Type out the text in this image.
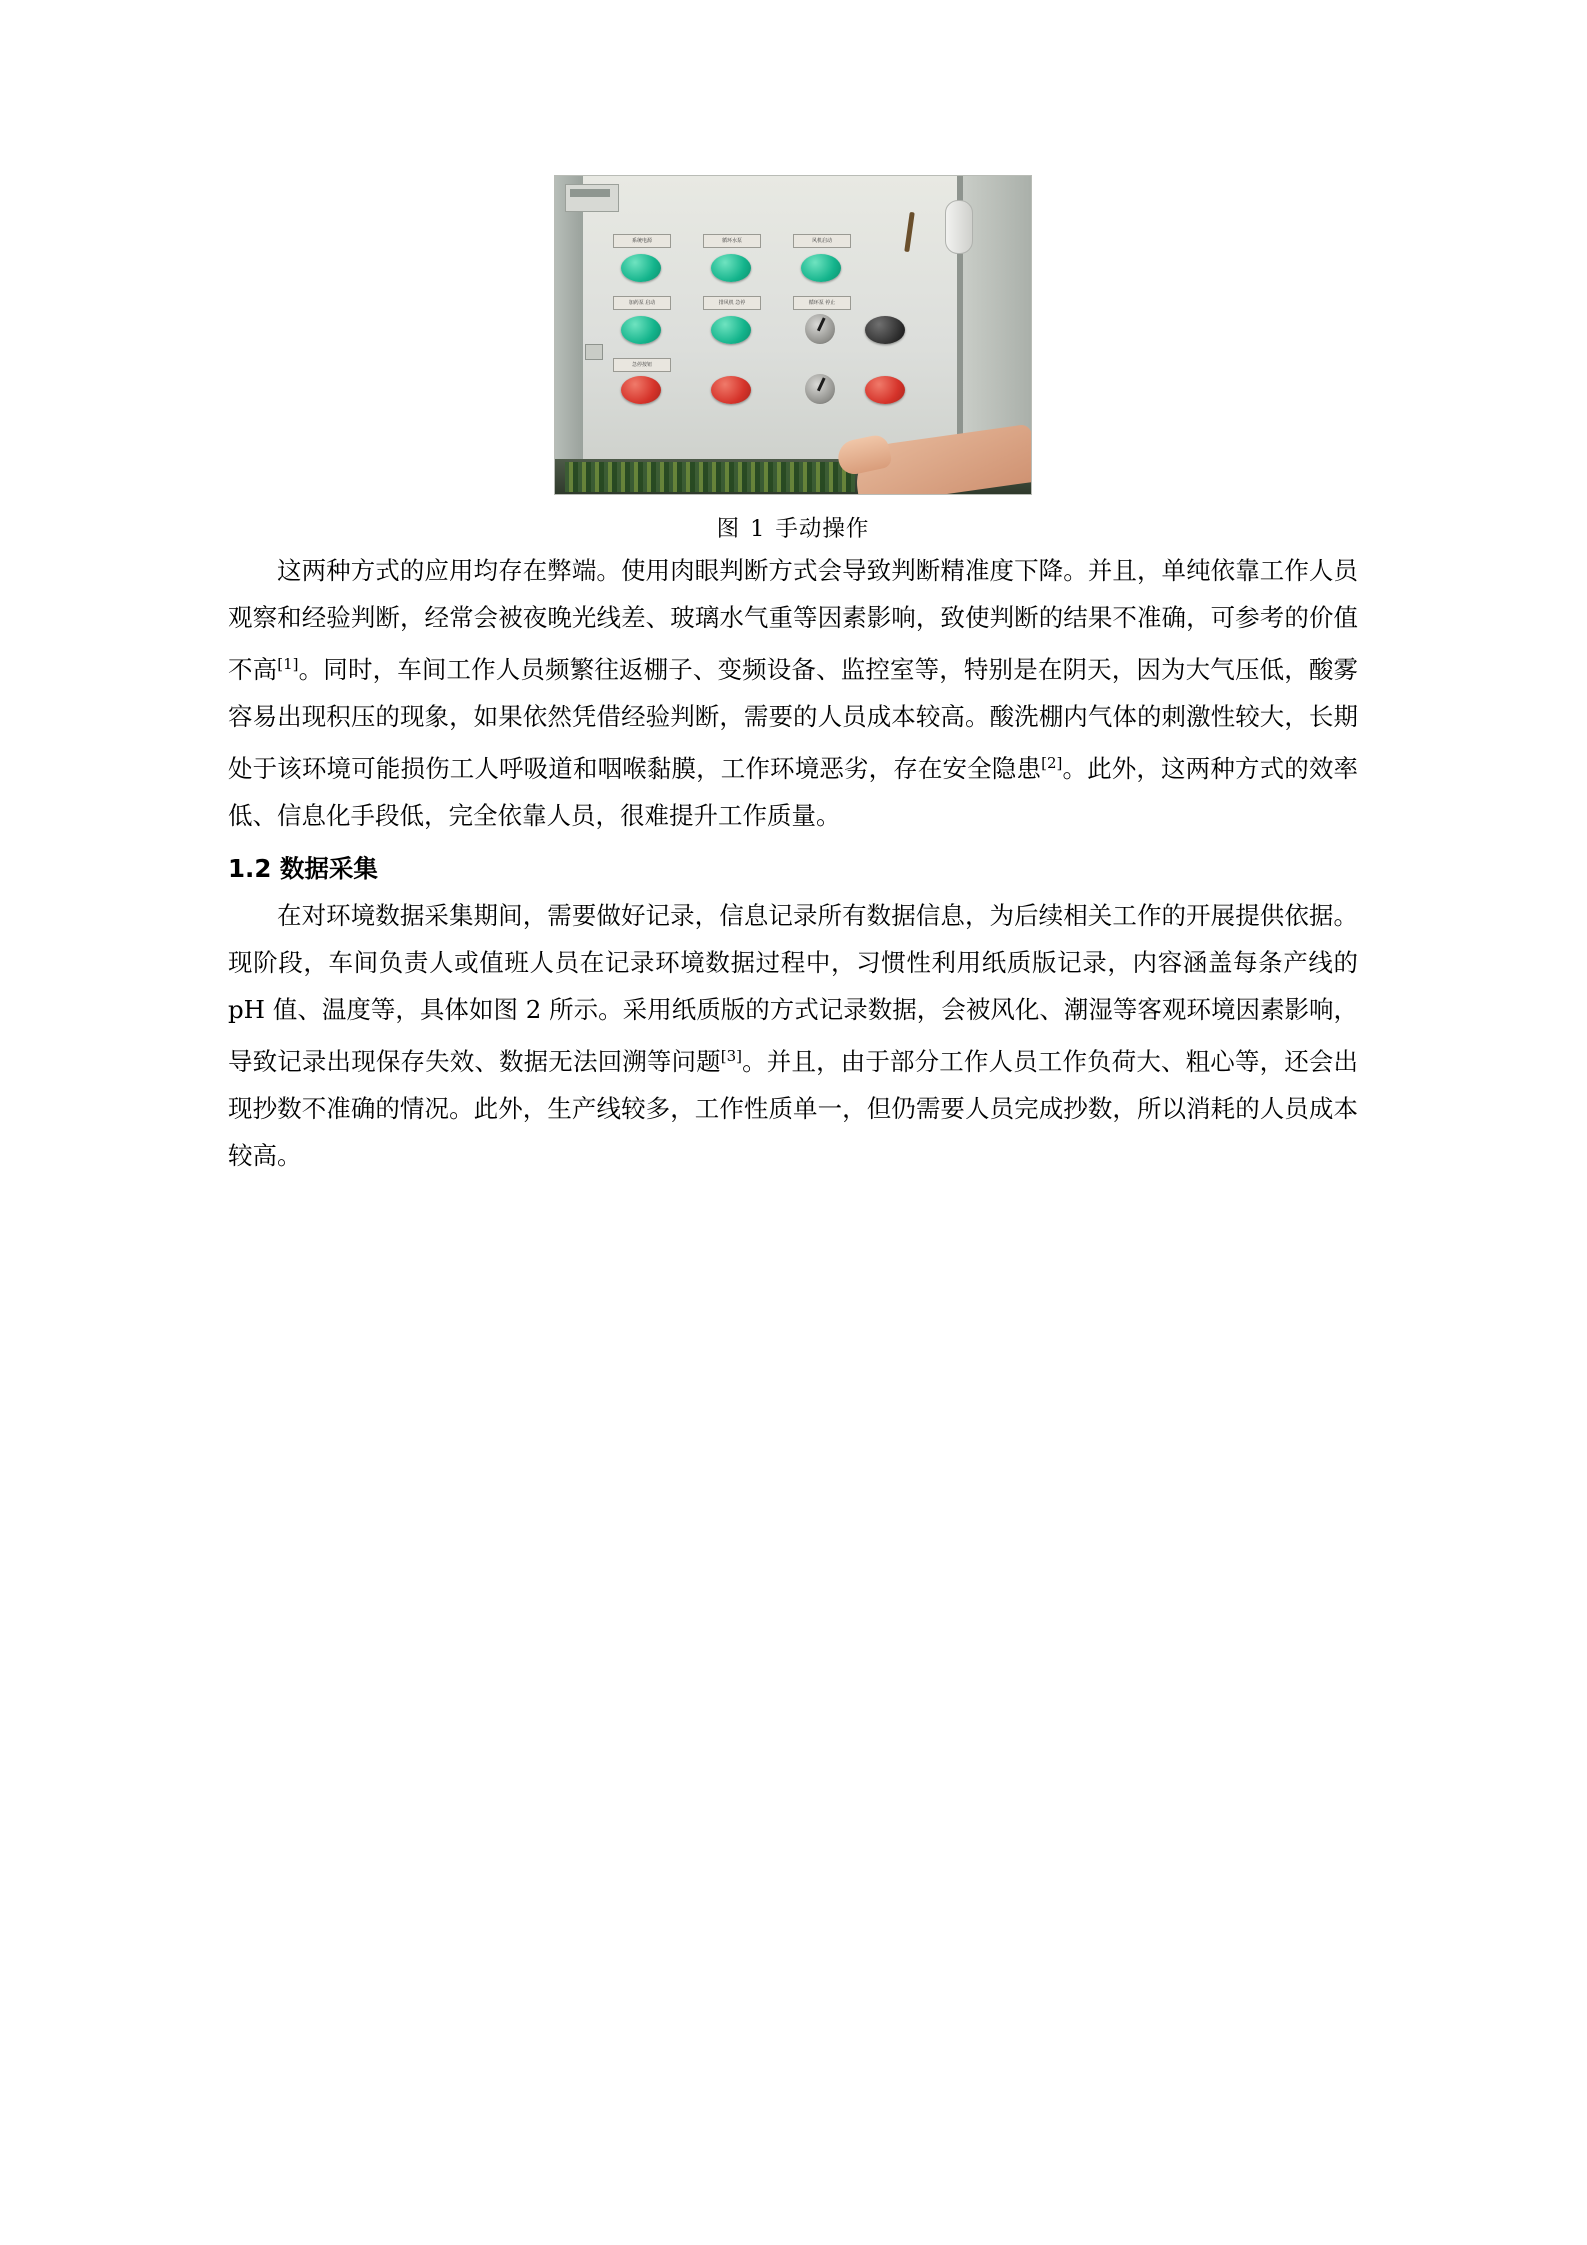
系统电源	循环水泵	风机启动
加药泵 启动	排风机 急停	循环泵 停止
急停按钮
图 1 手动操作

这两种方式的应用均存在弊端。使用肉眼判断方式会导致判断精准度下降。并且，单纯依靠工作人员观察和经验判断，经常会被夜晚光线差、玻璃水气重等因素影响，致使判断的结果不准确，可参考的价值不高[1]。同时，车间工作人员频繁往返棚子、变频设备、监控室等，特别是在阴天，因为大气压低，酸雾容易出现积压的现象，如果依然凭借经验判断，需要的人员成本较高。酸洗棚内气体的刺激性较大，长期处于该环境可能损伤工人呼吸道和咽喉黏膜，工作环境恶劣，存在安全隐患[2]。此外，这两种方式的效率低、信息化手段低，完全依靠人员，很难提升工作质量。

1.2 数据采集

在对环境数据采集期间，需要做好记录，信息记录所有数据信息，为后续相关工作的开展提供依据。现阶段，车间负责人或值班人员在记录环境数据过程中，习惯性利用纸质版记录，内容涵盖每条产线的 pH 值、温度等，具体如图 2 所示。采用纸质版的方式记录数据，会被风化、潮湿等客观环境因素影响，导致记录出现保存失效、数据无法回溯等问题[3]。并且，由于部分工作人员工作负荷大、粗心等，还会出现抄数不准确的情况。此外，生产线较多，工作性质单一，但仍需要人员完成抄数，所以消耗的人员成本较高。
